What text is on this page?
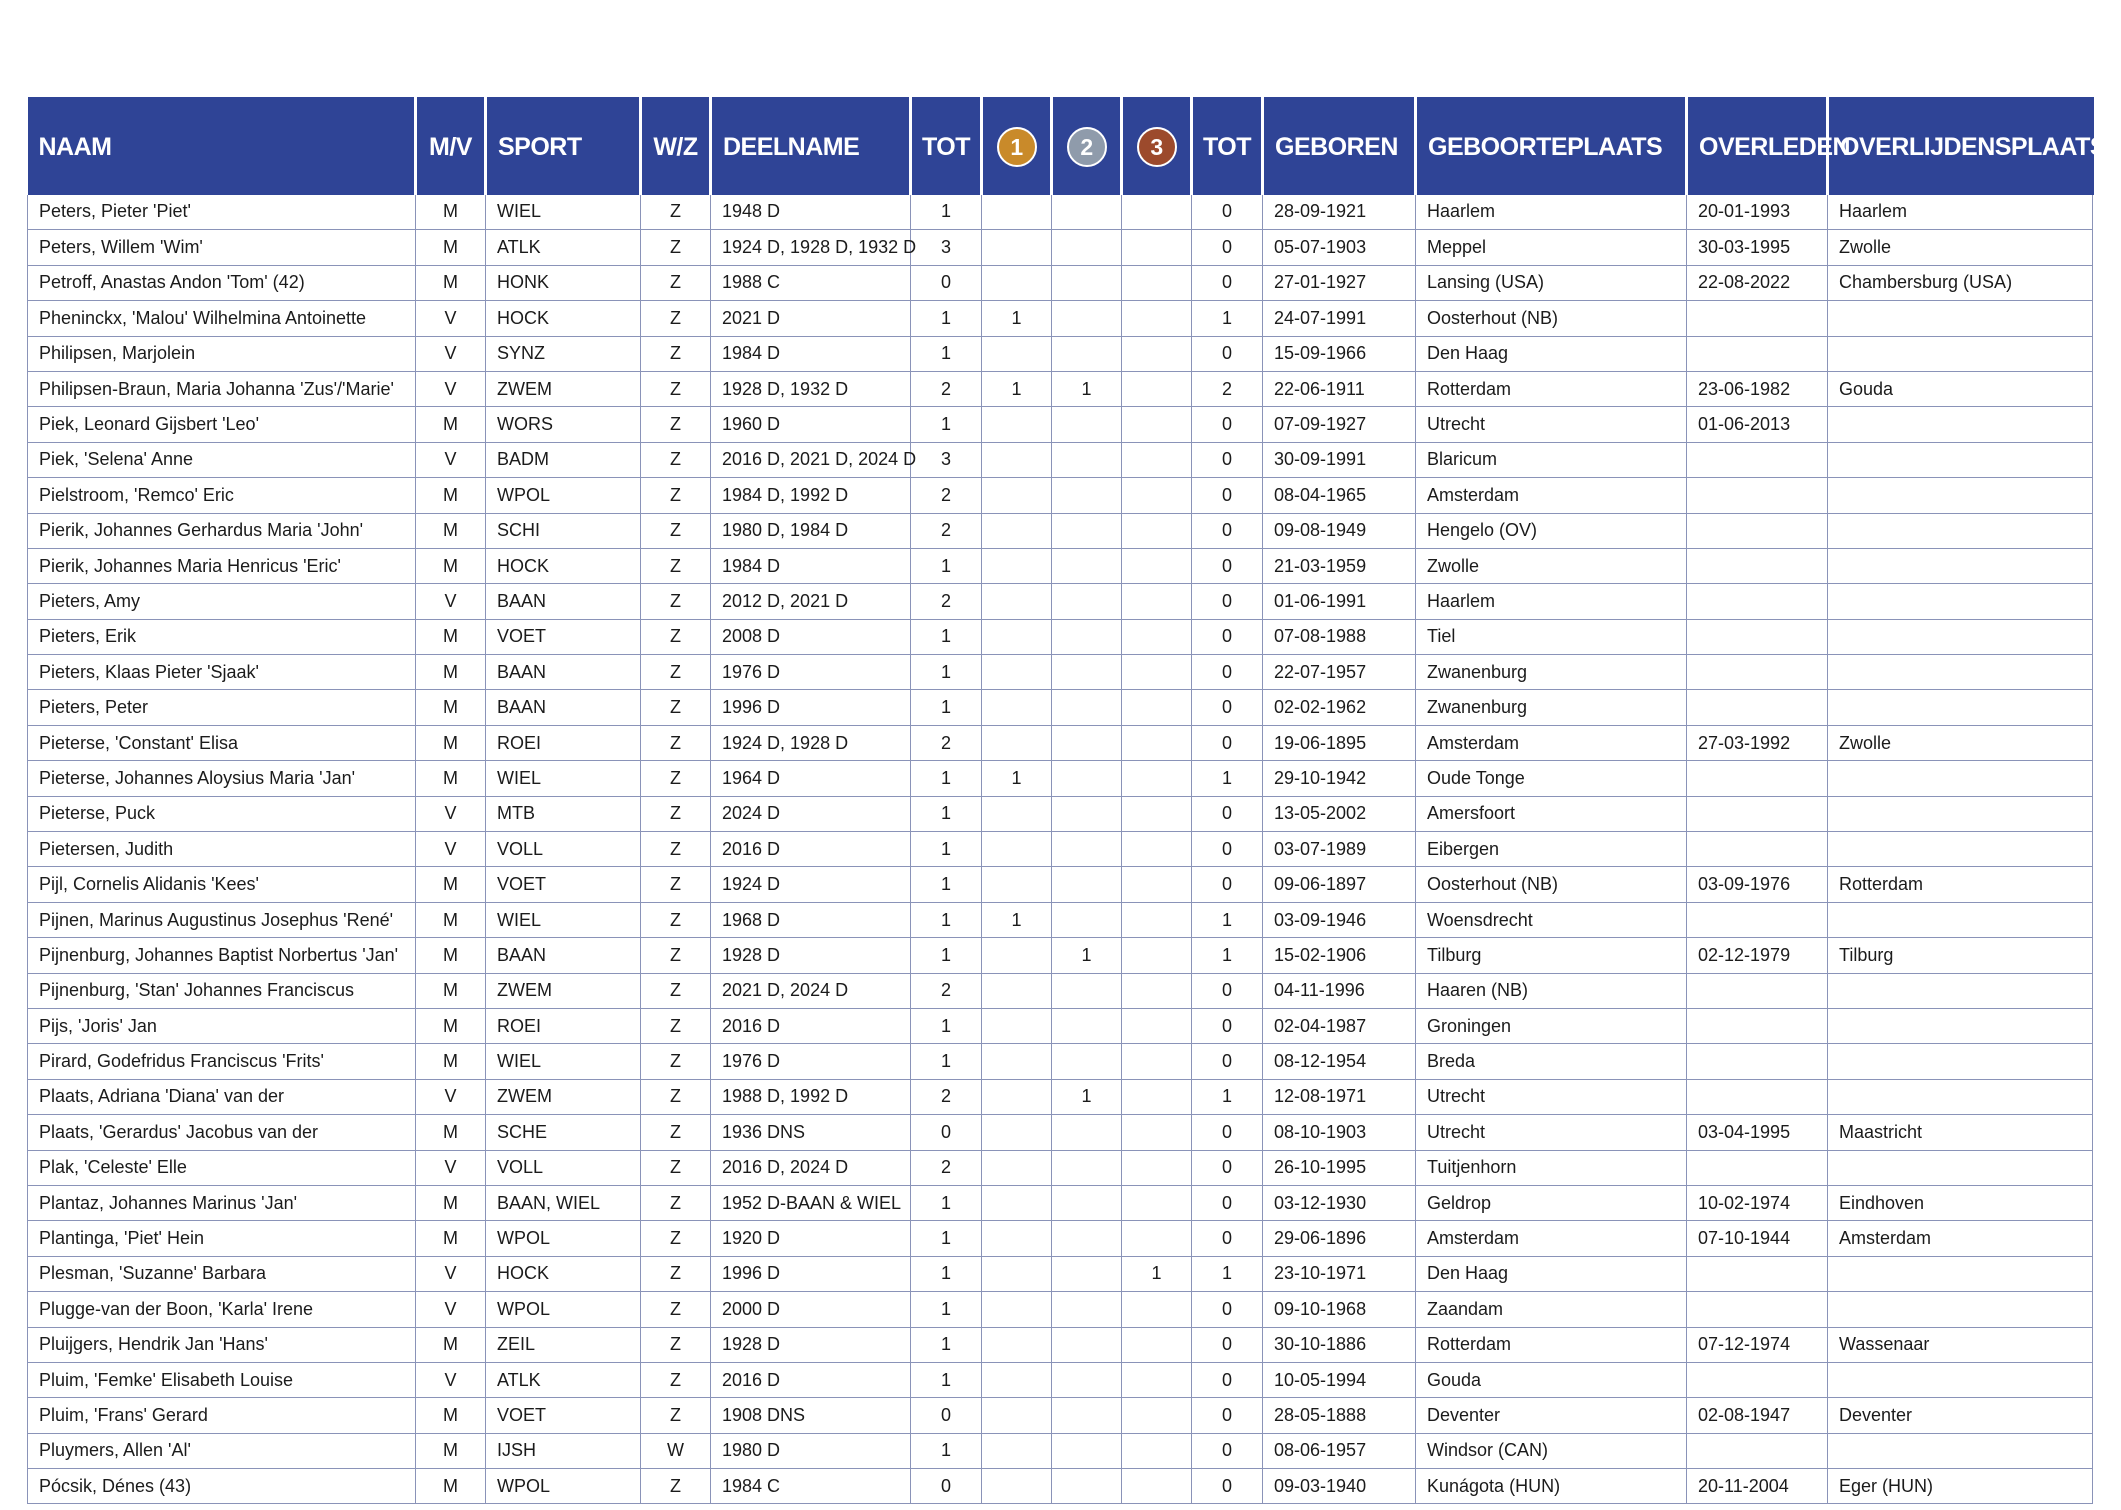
NAAM	M/V	SPORT	W/Z	DEELNAME	TOT	1	2	3	TOT	GEBOREN	GEBOORTEPLAATS	OVERLEDEN	OVERLIJDENSPLAATS
Peters, Pieter 'Piet'	M	WIEL	Z	1948 D	1				0	28-09-1921	Haarlem	20-01-1993	Haarlem
Peters, Willem 'Wim'	M	ATLK	Z	1924 D, 1928 D, 1932 D	3				0	05-07-1903	Meppel	30-03-1995	Zwolle
Petroff, Anastas Andon 'Tom' (42)	M	HONK	Z	1988 C	0				0	27-01-1927	Lansing (USA)	22-08-2022	Chambersburg (USA)
Pheninckx, 'Malou' Wilhelmina Antoinette	V	HOCK	Z	2021 D	1	1			1	24-07-1991	Oosterhout (NB)		
Philipsen, Marjolein	V	SYNZ	Z	1984 D	1				0	15-09-1966	Den Haag		
Philipsen-Braun, Maria Johanna 'Zus'/'Marie'	V	ZWEM	Z	1928 D, 1932 D	2	1	1		2	22-06-1911	Rotterdam	23-06-1982	Gouda
Piek, Leonard Gijsbert 'Leo'	M	WORS	Z	1960 D	1				0	07-09-1927	Utrecht	01-06-2013	
Piek, 'Selena' Anne	V	BADM	Z	2016 D, 2021 D, 2024 D	3				0	30-09-1991	Blaricum		
Pielstroom, 'Remco' Eric	M	WPOL	Z	1984 D, 1992 D	2				0	08-04-1965	Amsterdam		
Pierik, Johannes Gerhardus Maria 'John'	M	SCHI	Z	1980 D, 1984 D	2				0	09-08-1949	Hengelo (OV)		
Pierik, Johannes Maria Henricus 'Eric'	M	HOCK	Z	1984 D	1				0	21-03-1959	Zwolle		
Pieters, Amy	V	BAAN	Z	2012 D, 2021 D	2				0	01-06-1991	Haarlem		
Pieters, Erik	M	VOET	Z	2008 D	1				0	07-08-1988	Tiel		
Pieters, Klaas Pieter 'Sjaak'	M	BAAN	Z	1976 D	1				0	22-07-1957	Zwanenburg		
Pieters, Peter	M	BAAN	Z	1996 D	1				0	02-02-1962	Zwanenburg		
Pieterse, 'Constant' Elisa	M	ROEI	Z	1924 D, 1928 D	2				0	19-06-1895	Amsterdam	27-03-1992	Zwolle
Pieterse, Johannes Aloysius Maria 'Jan'	M	WIEL	Z	1964 D	1	1			1	29-10-1942	Oude Tonge		
Pieterse, Puck	V	MTB	Z	2024 D	1				0	13-05-2002	Amersfoort		
Pietersen, Judith	V	VOLL	Z	2016 D	1				0	03-07-1989	Eibergen		
Pijl, Cornelis Alidanis 'Kees'	M	VOET	Z	1924 D	1				0	09-06-1897	Oosterhout (NB)	03-09-1976	Rotterdam
Pijnen, Marinus Augustinus Josephus 'René'	M	WIEL	Z	1968 D	1	1			1	03-09-1946	Woensdrecht		
Pijnenburg, Johannes Baptist Norbertus 'Jan'	M	BAAN	Z	1928 D	1		1		1	15-02-1906	Tilburg	02-12-1979	Tilburg
Pijnenburg, 'Stan' Johannes Franciscus	M	ZWEM	Z	2021 D, 2024 D	2				0	04-11-1996	Haaren (NB)		
Pijs, 'Joris' Jan	M	ROEI	Z	2016 D	1				0	02-04-1987	Groningen		
Pirard, Godefridus Franciscus 'Frits'	M	WIEL	Z	1976 D	1				0	08-12-1954	Breda		
Plaats, Adriana 'Diana' van der	V	ZWEM	Z	1988 D, 1992 D	2		1		1	12-08-1971	Utrecht		
Plaats, 'Gerardus' Jacobus van der	M	SCHE	Z	1936 DNS	0				0	08-10-1903	Utrecht	03-04-1995	Maastricht
Plak, 'Celeste' Elle	V	VOLL	Z	2016 D, 2024 D	2				0	26-10-1995	Tuitjenhorn		
Plantaz, Johannes Marinus 'Jan'	M	BAAN, WIEL	Z	1952 D-BAAN & WIEL	1				0	03-12-1930	Geldrop	10-02-1974	Eindhoven
Plantinga, 'Piet' Hein	M	WPOL	Z	1920 D	1				0	29-06-1896	Amsterdam	07-10-1944	Amsterdam
Plesman, 'Suzanne' Barbara	V	HOCK	Z	1996 D	1			1	1	23-10-1971	Den Haag		
Plugge-van der Boon, 'Karla' Irene	V	WPOL	Z	2000 D	1				0	09-10-1968	Zaandam		
Pluijgers, Hendrik Jan 'Hans'	M	ZEIL	Z	1928 D	1				0	30-10-1886	Rotterdam	07-12-1974	Wassenaar
Pluim, 'Femke' Elisabeth Louise	V	ATLK	Z	2016 D	1				0	10-05-1994	Gouda		
Pluim, 'Frans' Gerard	M	VOET	Z	1908 DNS	0				0	28-05-1888	Deventer	02-08-1947	Deventer
Pluymers, Allen 'Al'	M	IJSH	W	1980 D	1				0	08-06-1957	Windsor (CAN)		
Pócsik, Dénes (43)	M	WPOL	Z	1984 C	0				0	09-03-1940	Kunágota (HUN)	20-11-2004	Eger (HUN)
